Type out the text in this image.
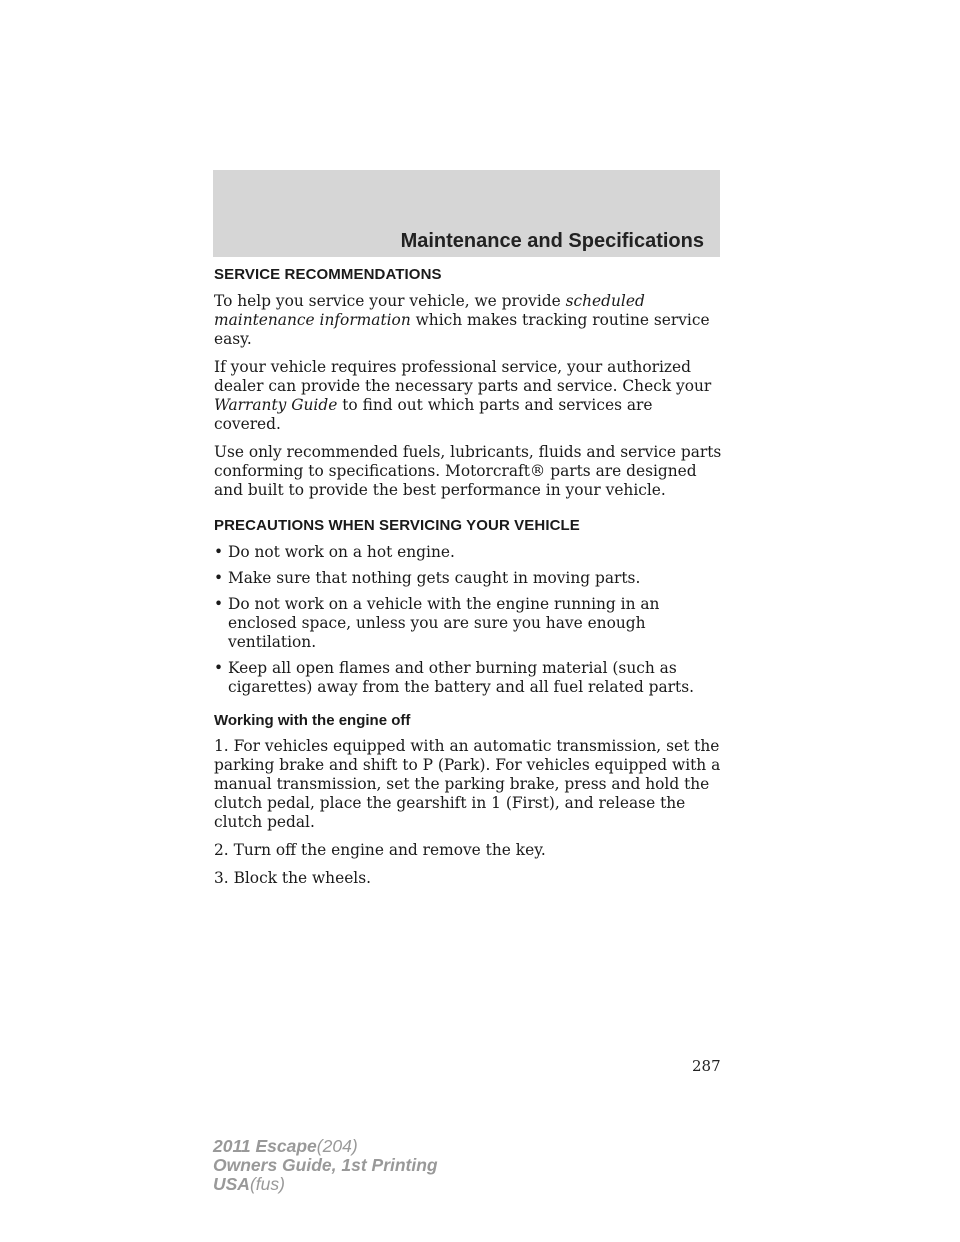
Maintenance and Specifications
SERVICE RECOMMENDATIONS

To help you service your vehicle, we provide scheduled maintenance information which makes tracking routine service easy.

If your vehicle requires professional service, your authorized dealer can provide the necessary parts and service. Check your Warranty Guide to find out which parts and services are covered.

Use only recommended fuels, lubricants, fluids and service parts conforming to specifications. Motorcraft® parts are designed and built to provide the best performance in your vehicle.

PRECAUTIONS WHEN SERVICING YOUR VEHICLE
• Do not work on a hot engine.
• Make sure that nothing gets caught in moving parts.
• Do not work on a vehicle with the engine running in an enclosed space, unless you are sure you have enough ventilation.
• Keep all open flames and other burning material (such as cigarettes) away from the battery and all fuel related parts.
Working with the engine off

1. For vehicles equipped with an automatic transmission, set the parking brake and shift to P (Park). For vehicles equipped with a manual transmission, set the parking brake, press and hold the clutch pedal, place the gearshift in 1 (First), and release the clutch pedal.

2. Turn off the engine and remove the key.

3. Block the wheels.

287
2011 Escape(204)
Owners Guide, 1st Printing
USA(fus)
